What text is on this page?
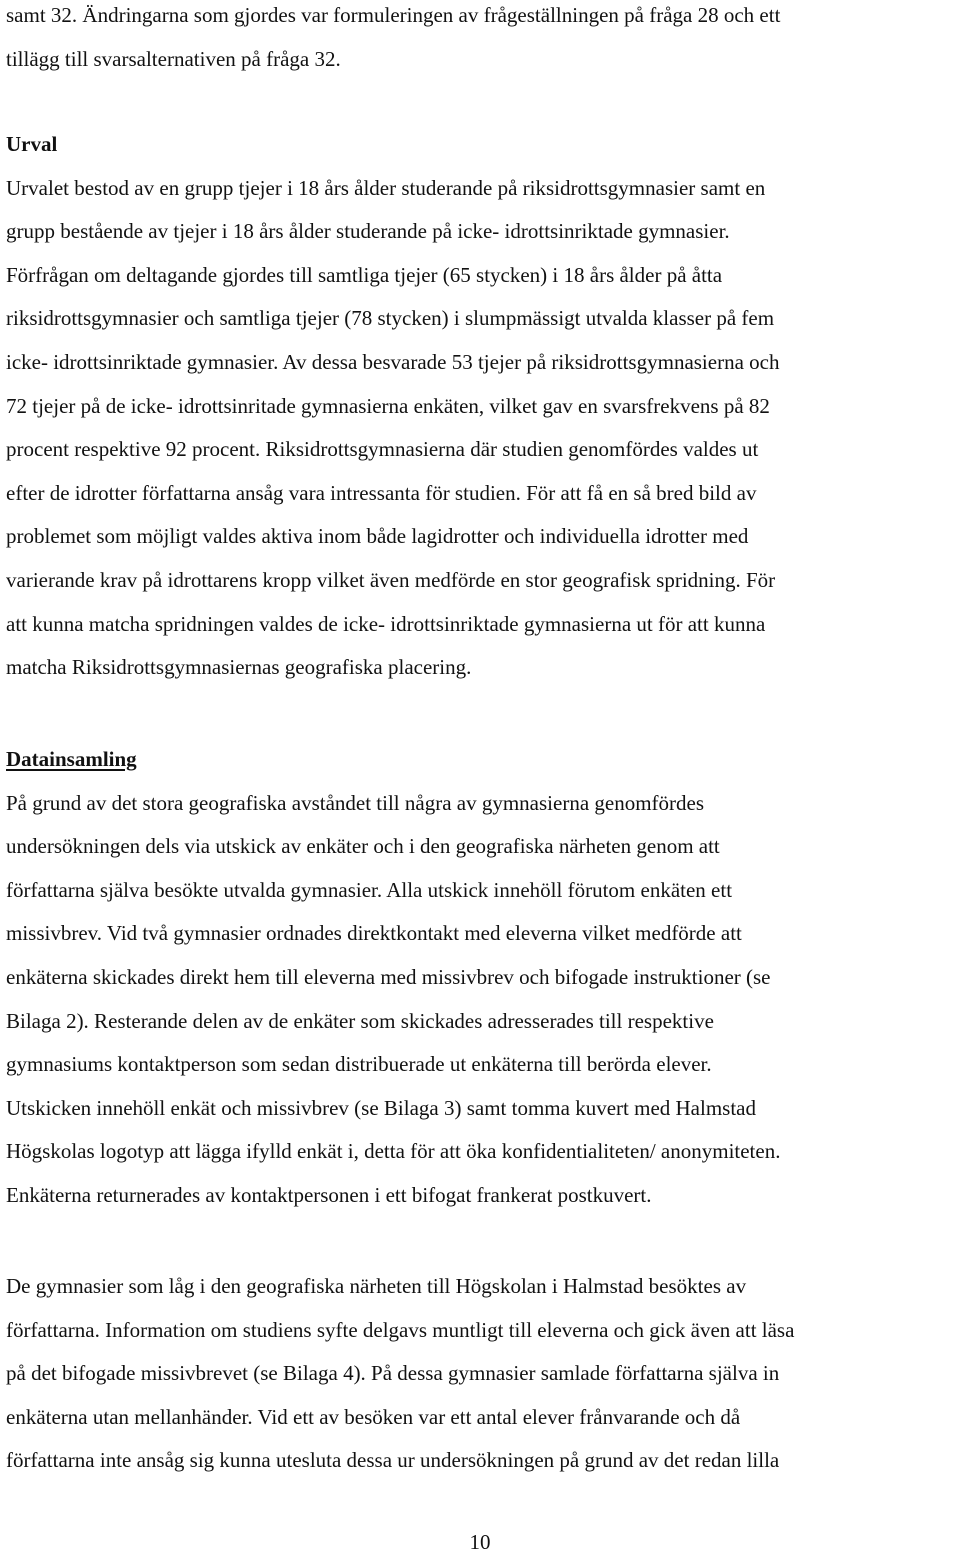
samt 32. Ändringarna som gjordes var formuleringen av frågeställningen på fråga 28 och ett
tillägg till svarsalternativen på fråga 32.

Urval
Urvalet bestod av en grupp tjejer i 18 års ålder studerande på riksidrottsgymnasier samt en
grupp bestående av tjejer i 18 års ålder studerande på icke- idrottsinriktade gymnasier.
Förfrågan om deltagande gjordes till samtliga tjejer (65 stycken) i 18 års ålder på åtta
riksidrottsgymnasier och samtliga tjejer (78 stycken) i slumpmässigt utvalda klasser på fem
icke- idrottsinriktade gymnasier. Av dessa besvarade 53 tjejer på riksidrottsgymnasierna och
72 tjejer på de icke- idrottsinritade gymnasierna enkäten, vilket gav en svarsfrekvens på 82
procent respektive 92 procent. Riksidrottsgymnasierna där studien genomfördes valdes ut
efter de idrotter författarna ansåg vara intressanta för studien. För att få en så bred bild av
problemet som möjligt valdes aktiva inom både lagidrotter och individuella idrotter med
varierande krav på idrottarens kropp vilket även medförde en stor geografisk spridning. För
att kunna matcha spridningen valdes de icke- idrottsinriktade gymnasierna ut för att kunna
matcha Riksidrottsgymnasiernas geografiska placering.

Datainsamling
På grund av det stora geografiska avståndet till några av gymnasierna genomfördes
undersökningen dels via utskick av enkäter och i den geografiska närheten genom att
författarna själva besökte utvalda gymnasier. Alla utskick innehöll förutom enkäten ett
missivbrev. Vid två gymnasier ordnades direktkontakt med eleverna vilket medförde att
enkäterna skickades direkt hem till eleverna med missivbrev och bifogade instruktioner (se
Bilaga 2). Resterande delen av de enkäter som skickades adresserades till respektive
gymnasiums kontaktperson som sedan distribuerade ut enkäterna till berörda elever.
Utskicken innehöll enkät och missivbrev (se Bilaga 3) samt tomma kuvert med Halmstad
Högskolas logotyp att lägga ifylld enkät i, detta för att öka konfidentialiteten/ anonymiteten.
Enkäterna returnerades av kontaktpersonen i ett bifogat frankerat postkuvert.

De gymnasier som låg i den geografiska närheten till Högskolan i Halmstad besöktes av
författarna. Information om studiens syfte delgavs muntligt till eleverna och gick även att läsa
på det bifogade missivbrevet (se Bilaga 4). På dessa gymnasier samlade författarna själva in
enkäterna utan mellanhänder. Vid ett av besöken var ett antal elever frånvarande och då
författarna inte ansåg sig kunna utesluta dessa ur undersökningen på grund av det redan lilla

10
